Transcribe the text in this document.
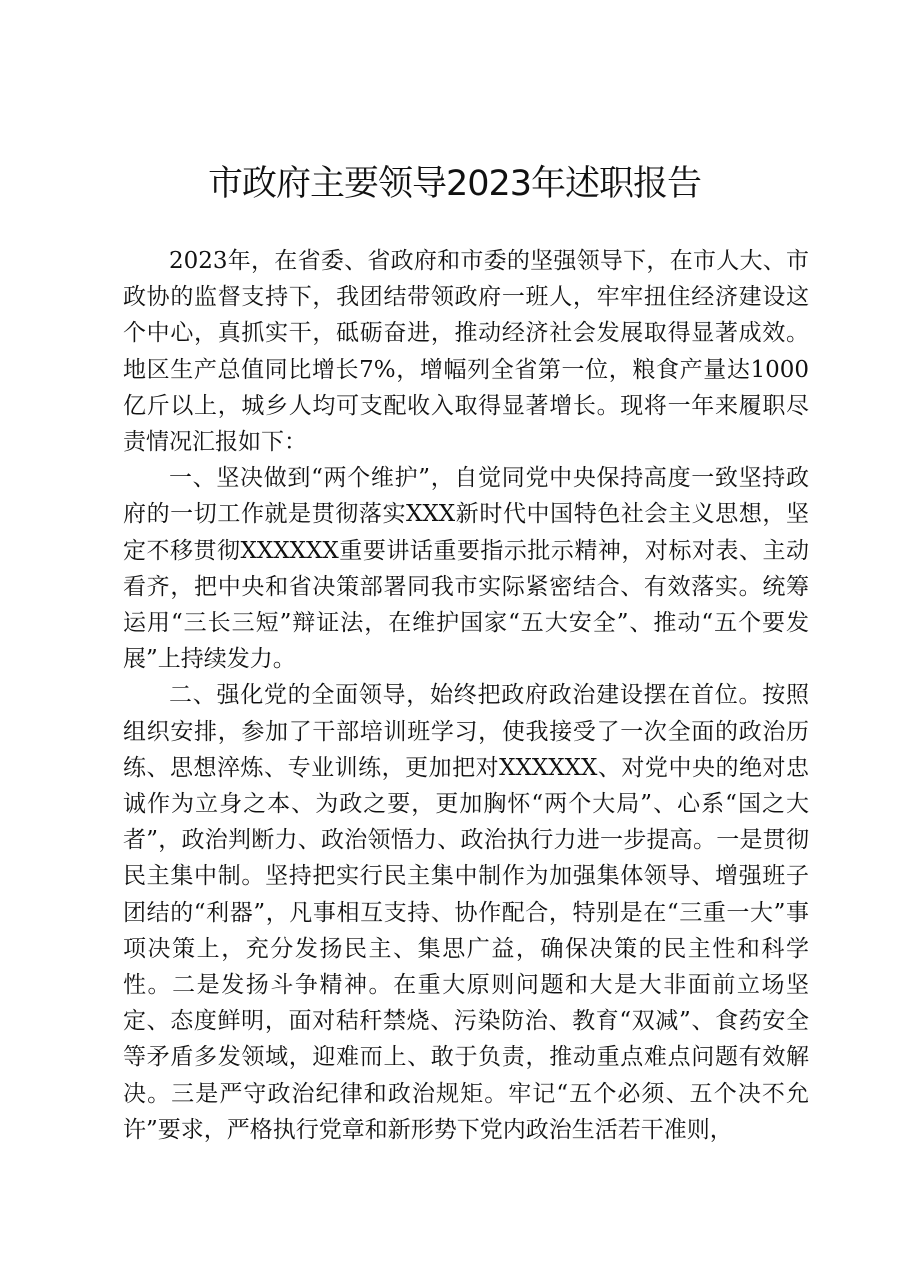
市政府主要领导2023年述职报告

2023年，在省委、省政府和市委的坚强领导下，在市人大、市政协的监督支持下，我团结带领政府一班人，牢牢扭住经济建设这个中心，真抓实干，砥砺奋进，推动经济社会发展取得显著成效。地区生产总值同比增长7%，增幅列全省第一位，粮食产量达1000亿斤以上，城乡人均可支配收入取得显著增长。现将一年来履职尽责情况汇报如下：

一、坚决做到“两个维护”，自觉同党中央保持高度一致坚持政府的一切工作就是贯彻落实XXX新时代中国特色社会主义思想，坚定不移贯彻XXXXXX重要讲话重要指示批示精神，对标对表、主动看齐，把中央和省决策部署同我市实际紧密结合、有效落实。统筹运用“三长三短”辩证法，在维护国家“五大安全”、推动“五个要发展”上持续发力。

二、强化党的全面领导，始终把政府政治建设摆在首位。按照组织安排，参加了干部培训班学习，使我接受了一次全面的政治历练、思想淬炼、专业训练，更加把对XXXXXX、对党中央的绝对忠诚作为立身之本、为政之要，更加胸怀“两个大局”、心系“国之大者”，政治判断力、政治领悟力、政治执行力进一步提高。一是贯彻民主集中制。坚持把实行民主集中制作为加强集体领导、增强班子团结的“利器”，凡事相互支持、协作配合，特别是在“三重一大”事项决策上，充分发扬民主、集思广益，确保决策的民主性和科学性。二是发扬斗争精神。在重大原则问题和大是大非面前立场坚定、态度鲜明，面对秸秆禁烧、污染防治、教育“双减”、食药安全等矛盾多发领域，迎难而上、敢于负责，推动重点难点问题有效解决。三是严守政治纪律和政治规矩。牢记“五个必须、五个决不允许”要求，严格执行党章和新形势下党内政治生活若干准则，
